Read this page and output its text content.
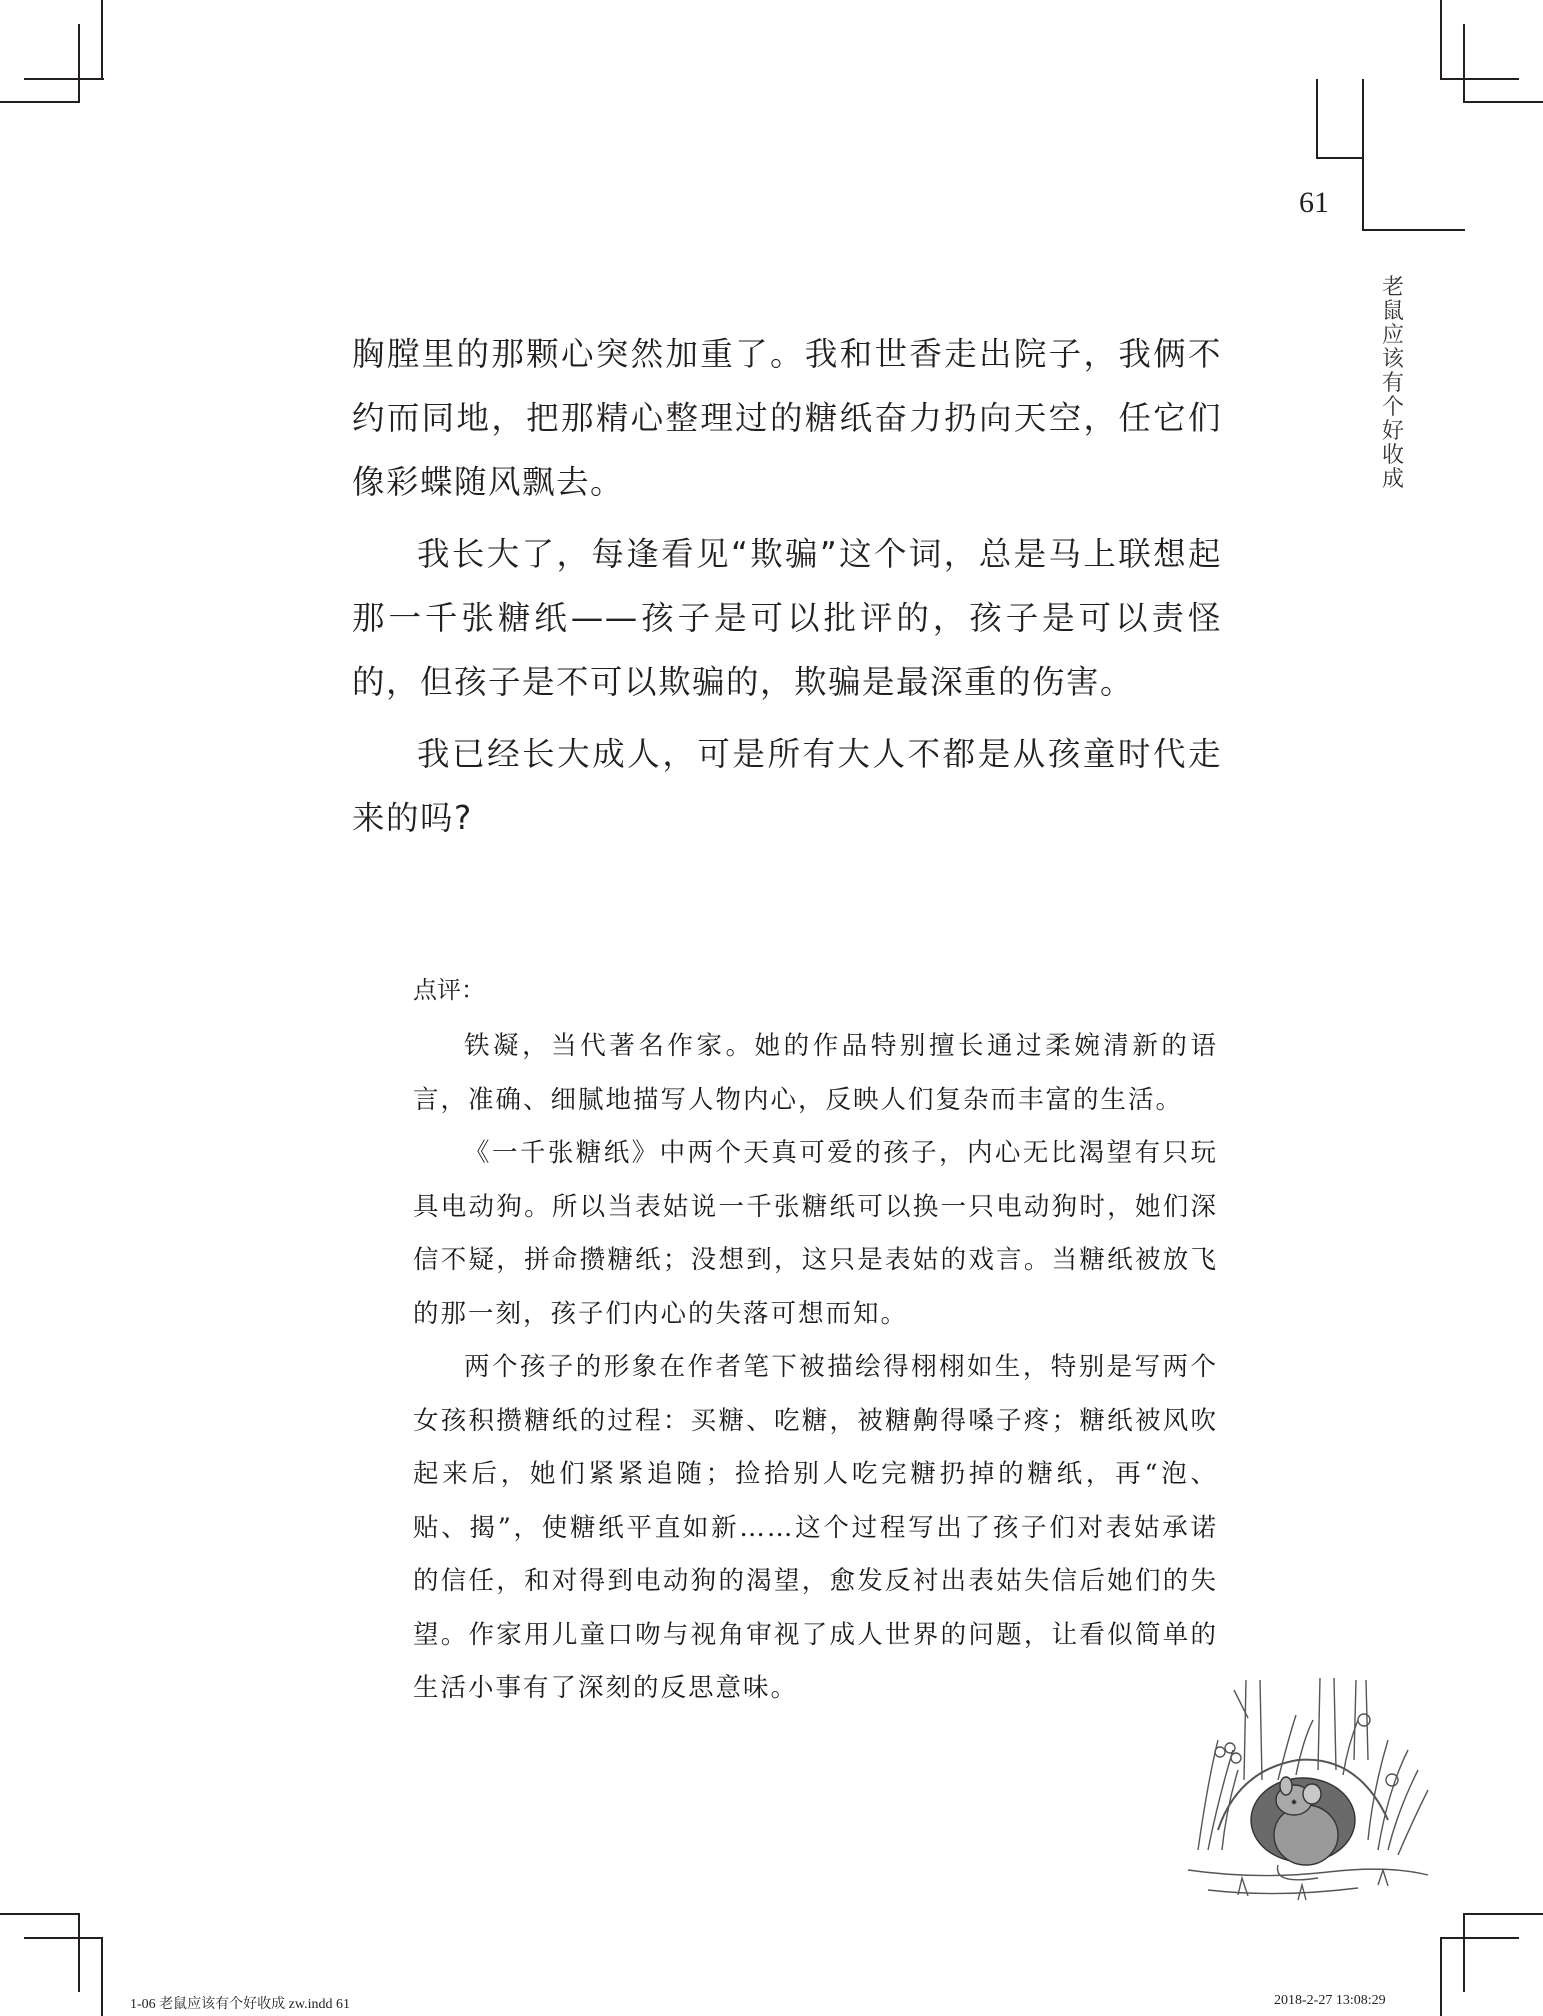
61
老鼠应该有个好收成

胸膛里的那颗心突然加重了。我和世香走出院子，我俩不约而同地，把那精心整理过的糖纸奋力扔向天空，任它们像彩蝶随风飘去。

我长大了，每逢看见“欺骗”这个词，总是马上联想起那一千张糖纸——孩子是可以批评的，孩子是可以责怪的，但孩子是不可以欺骗的，欺骗是最深重的伤害。

我已经长大成人，可是所有大人不都是从孩童时代走来的吗?

点评：

铁凝，当代著名作家。她的作品特别擅长通过柔婉清新的语言，准确、细腻地描写人物内心，反映人们复杂而丰富的生活。

《一千张糖纸》中两个天真可爱的孩子，内心无比渴望有只玩具电动狗。所以当表姑说一千张糖纸可以换一只电动狗时，她们深信不疑，拼命攒糖纸；没想到，这只是表姑的戏言。当糖纸被放飞的那一刻，孩子们内心的失落可想而知。

两个孩子的形象在作者笔下被描绘得栩栩如生，特别是写两个女孩积攒糖纸的过程：买糖、吃糖，被糖齁得嗓子疼；糖纸被风吹起来后，她们紧紧追随；捡拾别人吃完糖扔掉的糖纸，再“泡、贴、揭”，使糖纸平直如新……这个过程写出了孩子们对表姑承诺的信任，和对得到电动狗的渴望，愈发反衬出表姑失信后她们的失望。作家用儿童口吻与视角审视了成人世界的问题，让看似简单的生活小事有了深刻的反思意味。

1-06 老鼠应该有个好收成 zw.indd 61	2018-2-27 13:08:29
